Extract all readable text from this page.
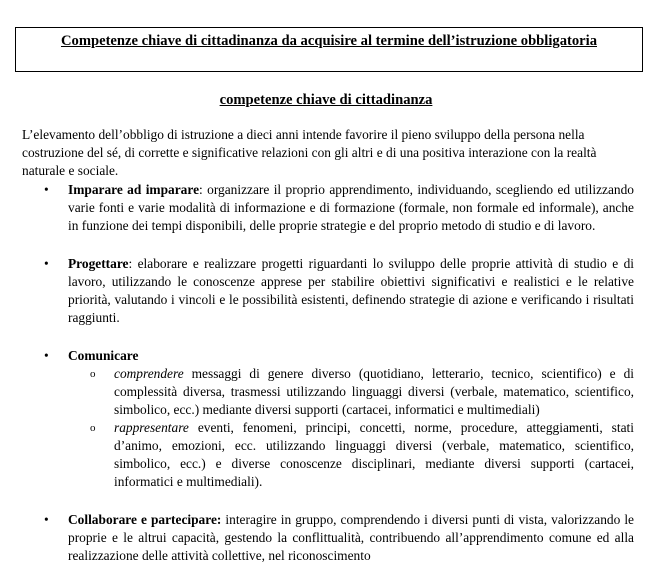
Competenze chiave di cittadinanza da acquisire al termine dell’istruzione obbligatoria
competenze chiave di cittadinanza
L’elevamento dell’obbligo di istruzione a dieci anni intende favorire il pieno sviluppo della persona nella costruzione del sé, di corrette e significative relazioni con gli altri e di una positiva interazione con la realtà naturale e sociale.
• Imparare ad imparare: organizzare il proprio apprendimento, individuando, scegliendo ed utilizzando varie fonti e varie modalità di informazione e di formazione (formale, non formale ed informale), anche in funzione dei tempi disponibili, delle proprie strategie e del proprio metodo di studio e di lavoro.
• Progettare: elaborare e realizzare progetti riguardanti lo sviluppo delle proprie attività di studio e di lavoro, utilizzando le conoscenze apprese per stabilire obiettivi significativi e realistici e le relative priorità, valutando i vincoli e le possibilità esistenti, definendo strategie di azione e verificando i risultati raggiunti.
• Comunicare
o comprendere messaggi di genere diverso (quotidiano, letterario, tecnico, scientifico) e di complessità diversa, trasmessi utilizzando linguaggi diversi (verbale, matematico, scientifico, simbolico, ecc.) mediante diversi supporti (cartacei, informatici e multimediali)
o rappresentare eventi, fenomeni, principi, concetti, norme, procedure, atteggiamenti, stati d’animo, emozioni, ecc. utilizzando linguaggi diversi (verbale, matematico, scientifico, simbolico, ecc.) e diverse conoscenze disciplinari, mediante diversi supporti (cartacei, informatici e multimediali).
• Collaborare e partecipare: interagire in gruppo, comprendendo i diversi punti di vista, valorizzando le proprie e le altrui capacità, gestendo la conflittualità, contribuendo all’apprendimento comune ed alla realizzazione delle attività collettive, nel riconoscimento
